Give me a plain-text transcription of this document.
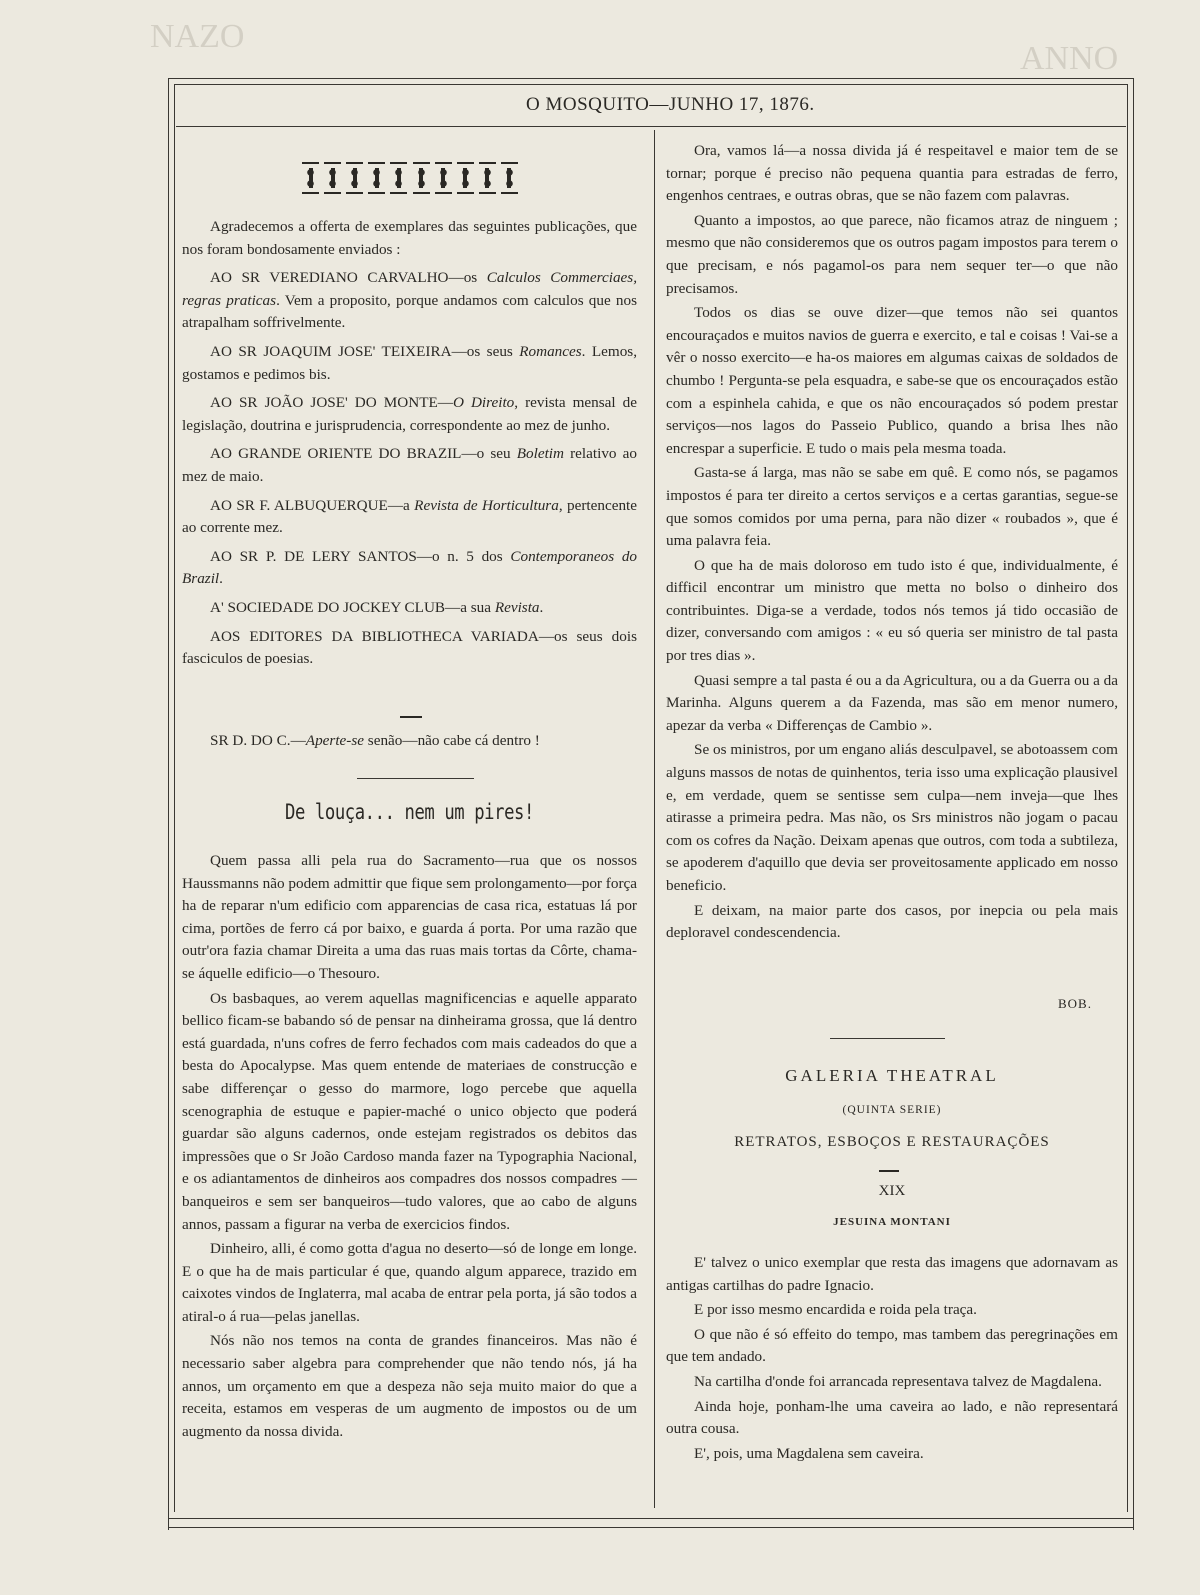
NAZO
ANNO
O MOSQUITO—JUNHO 17, 1876.

Agradecemos a offerta de exemplares das seguintes publicações, que nos foram bondosamente enviados :

AO SR VEREDIANO CARVALHO—os Calculos Commerciaes, regras praticas. Vem a proposito, porque andamos com calculos que nos atrapalham soffrivelmente.

AO SR JOAQUIM JOSE' TEIXEIRA—os seus Romances. Lemos, gostamos e pedimos bis.

AO SR JOÃO JOSE' DO MONTE—O Direito, revista mensal de legislação, doutrina e jurisprudencia, correspondente ao mez de junho.

AO GRANDE ORIENTE DO BRAZIL—o seu Boletim relativo ao mez de maio.

AO SR F. ALBUQUERQUE—a Revista de Horticultura, pertencente ao corrente mez.

AO SR P. DE LERY SANTOS—o n. 5 dos Contemporaneos do Brazil.

A' SOCIEDADE DO JOCKEY CLUB—a sua Revista.

AOS EDITORES DA BIBLIOTHECA VARIADA—os seus dois fasciculos de poesias.

SR D. DO C.—Aperte-se senão—não cabe cá dentro !

De louça... nem um pires!

Quem passa alli pela rua do Sacramento—rua que os nossos Haussmanns não podem admittir que fique sem prolongamento—por força ha de reparar n'um edificio com apparencias de casa rica, estatuas lá por cima, portões de ferro cá por baixo, e guarda á porta. Por uma razão que outr'ora fazia chamar Direita a uma das ruas mais tortas da Côrte, chama-se áquelle edificio—o Thesouro.

Os basbaques, ao verem aquellas magnificencias e aquelle apparato bellico ficam-se babando só de pensar na dinheirama grossa, que lá dentro está guardada, n'uns cofres de ferro fechados com mais cadeados do que a besta do Apocalypse. Mas quem entende de materiaes de construcção e sabe differençar o gesso do marmore, logo percebe que aquella scenographia de estuque e papier-maché o unico objecto que poderá guardar são alguns cadernos, onde estejam registrados os debitos das impressões que o Sr João Cardoso manda fazer na Typographia Nacional, e os adiantamentos de dinheiros aos compadres dos nossos compadres —banqueiros e sem ser banqueiros—tudo valores, que ao cabo de alguns annos, passam a figurar na verba de exercicios findos.

Dinheiro, alli, é como gotta d'agua no deserto—só de longe em longe. E o que ha de mais particular é que, quando algum apparece, trazido em caixotes vindos de Inglaterra, mal acaba de entrar pela porta, já são todos a atiral-o á rua—pelas janellas.

Nós não nos temos na conta de grandes financeiros. Mas não é necessario saber algebra para comprehender que não tendo nós, já ha annos, um orçamento em que a despeza não seja muito maior do que a receita, estamos em vesperas de um augmento de impostos ou de um augmento da nossa divida.

Ora, vamos lá—a nossa divida já é respeitavel e maior tem de se tornar; porque é preciso não pequena quantia para estradas de ferro, engenhos centraes, e outras obras, que se não fazem com palavras.

Quanto a impostos, ao que parece, não ficamos atraz de ninguem ; mesmo que não consideremos que os outros pagam impostos para terem o que precisam, e nós pagamol-os para nem sequer ter—o que não precisamos.

Todos os dias se ouve dizer—que temos não sei quantos encouraçados e muitos navios de guerra e exercito, e tal e coisas ! Vai-se a vêr o nosso exercito—e ha-os maiores em algumas caixas de soldados de chumbo ! Pergunta-se pela esquadra, e sabe-se que os encouraçados estão com a espinhela cahida, e que os não encouraçados só podem prestar serviços—nos lagos do Passeio Publico, quando a brisa lhes não encrespar a superficie. E tudo o mais pela mesma toada.

Gasta-se á larga, mas não se sabe em quê. E como nós, se pagamos impostos é para ter direito a certos serviços e a certas garantias, segue-se que somos comidos por uma perna, para não dizer « roubados », que é uma palavra feia.

O que ha de mais doloroso em tudo isto é que, individualmente, é difficil encontrar um ministro que metta no bolso o dinheiro dos contribuintes. Diga-se a verdade, todos nós temos já tido occasião de dizer, conversando com amigos : « eu só queria ser ministro de tal pasta por tres dias ».

Quasi sempre a tal pasta é ou a da Agricultura, ou a da Guerra ou a da Marinha. Alguns querem a da Fazenda, mas são em menor numero, apezar da verba « Differenças de Cambio ».

Se os ministros, por um engano aliás desculpavel, se abotoassem com alguns massos de notas de quinhentos, teria isso uma explicação plausivel e, em verdade, quem se sentisse sem culpa—nem inveja—que lhes atirasse a primeira pedra. Mas não, os Srs ministros não jogam o pacau com os cofres da Nação. Deixam apenas que outros, com toda a subtileza, se apoderem d'aquillo que devia ser proveitosamente applicado em nosso beneficio.

E deixam, na maior parte dos casos, por inepcia ou pela mais deploravel condescendencia.

BOB.
GALERIA THEATRAL
(QUINTA SERIE)
RETRATOS, ESBOÇOS E RESTAURAÇÕES
XIX
JESUINA MONTANI

E' talvez o unico exemplar que resta das imagens que adornavam as antigas cartilhas do padre Ignacio.

E por isso mesmo encardida e roida pela traça.

O que não é só effeito do tempo, mas tambem das peregrinações em que tem andado.

Na cartilha d'onde foi arrancada representava talvez de Magdalena.

Ainda hoje, ponham-lhe uma caveira ao lado, e não representará outra cousa.

E', pois, uma Magdalena sem caveira.
